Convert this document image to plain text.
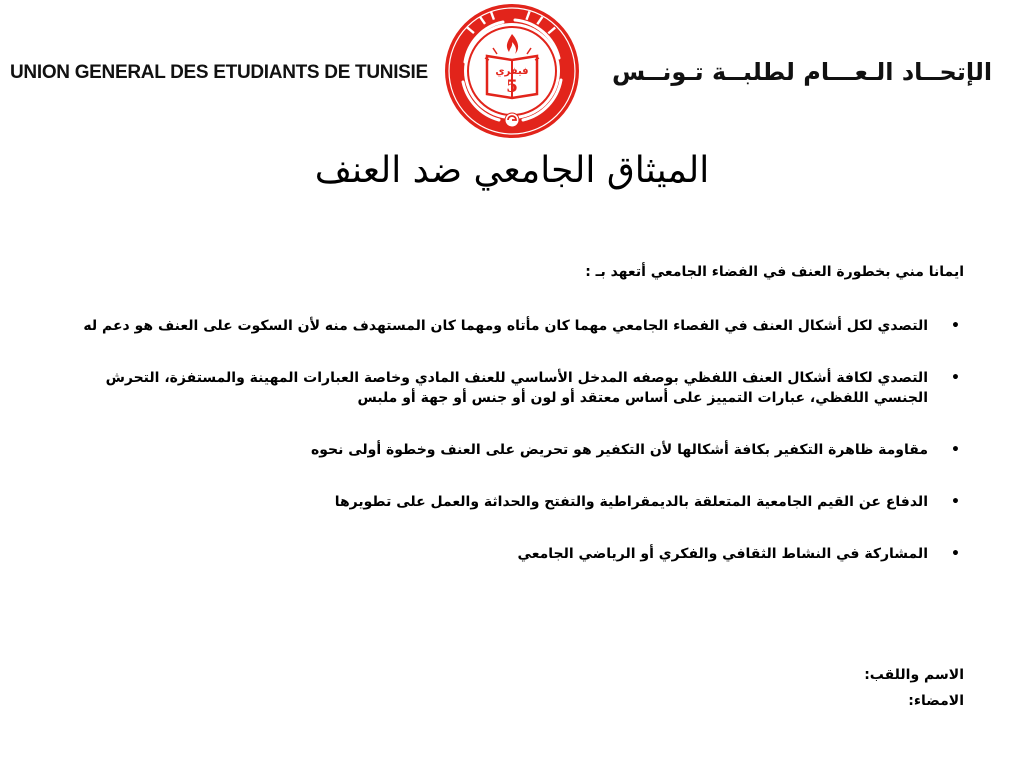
UNION GENERAL DES ETUDIANTS DE TUNISIE	فيفري
5
الإتحــاد الـعـــام لطلبــة تـونــس
الميثاق الجامعي ضد العنف

ايمانا مني بخطورة العنف في الفضاء الجامعي أتعهد بـ :

•
التصدي لكل أشكال العنف في الفصاء الجامعي مهما كان مأتاه ومهما كان المستهدف منه لأن السكوت على العنف هو دعم له
•
التصدي لكافة أشكال العنف اللفظي بوصفه المدخل الأساسي للعنف المادي وخاصة العبارات المهينة والمستفزة، التحرش الجنسي اللفظي، عبارات التمييز على أساس معتقد أو لون أو جنس أو جهة أو ملبس
•
مقاومة ظاهرة التكفير بكافة أشكالها لأن التكفير هو تحريض على العنف وخطوة أولى نحوه
•
الدفاع عن القيم الجامعية المتعلقة بالديمقراطية والتفتح والحداثة والعمل على تطويرها
•
المشاركة في النشاط الثقافي والفكري أو الرياضي الجامعي
الاسم واللقب:
الامضاء:
